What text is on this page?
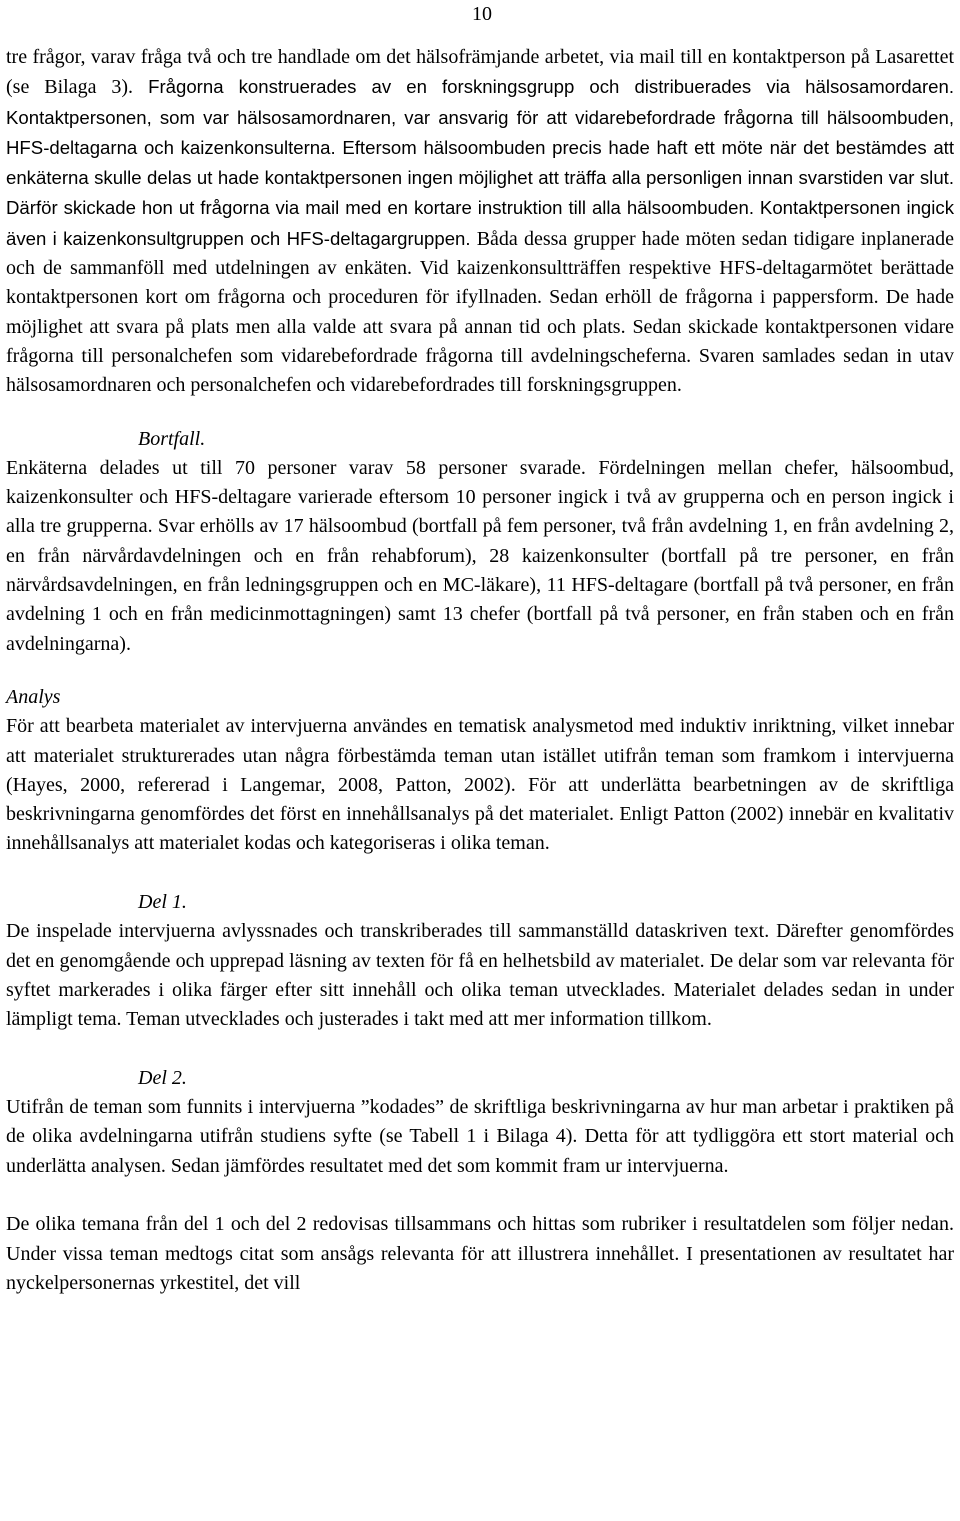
10

tre frågor, varav fråga två och tre handlade om det hälsofrämjande arbetet, via mail till en kontaktperson på Lasarettet (se Bilaga 3). Frågorna konstruerades av en forskningsgrupp och distribuerades via hälsosamordaren. Kontaktpersonen, som var hälsosamordnaren, var ansvarig för att vidarebefordrade frågorna till hälsoombuden, HFS-deltagarna och kaizenkonsulterna. Eftersom hälsoombuden precis hade haft ett möte när det bestämdes att enkäterna skulle delas ut hade kontaktpersonen ingen möjlighet att träffa alla personligen innan svarstiden var slut. Därför skickade hon ut frågorna via mail med en kortare instruktion till alla hälsoombuden. Kontaktpersonen ingick även i kaizenkonsultgruppen och HFS-deltagargruppen. Båda dessa grupper hade möten sedan tidigare inplanerade och de sammanföll med utdelningen av enkäten. Vid kaizenkonsultträffen respektive HFS-deltagarmötet berättade kontaktpersonen kort om frågorna och proceduren för ifyllnaden. Sedan erhöll de frågorna i pappersform. De hade möjlighet att svara på plats men alla valde att svara på annan tid och plats. Sedan skickade kontaktpersonen vidare frågorna till personalchefen som vidarebefordrade frågorna till avdelningscheferna. Svaren samlades sedan in utav hälsosamordnaren och personalchefen och vidarebefordrades till forskningsgruppen.

Bortfall.

Enkäterna delades ut till 70 personer varav 58 personer svarade. Fördelningen mellan chefer, hälsoombud, kaizenkonsulter och HFS-deltagare varierade eftersom 10 personer ingick i två av grupperna och en person ingick i alla tre grupperna. Svar erhölls av 17 hälsoombud (bortfall på fem personer, två från avdelning 1, en från avdelning 2, en från närvårdavdelningen och en från rehabforum), 28 kaizenkonsulter (bortfall på tre personer, en från närvårdsavdelningen, en från ledningsgruppen och en MC-läkare), 11 HFS-deltagare (bortfall på två personer, en från avdelning 1 och en från medicinmottagningen) samt 13 chefer (bortfall på två personer, en från staben och en från avdelningarna).

Analys

För att bearbeta materialet av intervjuerna användes en tematisk analysmetod med induktiv inriktning, vilket innebar att materialet strukturerades utan några förbestämda teman utan istället utifrån teman som framkom i intervjuerna (Hayes, 2000, refererad i Langemar, 2008, Patton, 2002). För att underlätta bearbetningen av de skriftliga beskrivningarna genomfördes det först en innehållsanalys på det materialet. Enligt Patton (2002) innebär en kvalitativ innehållsanalys att materialet kodas och kategoriseras i olika teman.

Del 1.

De inspelade intervjuerna avlyssnades och transkriberades till sammanställd dataskriven text. Därefter genomfördes det en genomgående och upprepad läsning av texten för få en helhetsbild av materialet. De delar som var relevanta för syftet markerades i olika färger efter sitt innehåll och olika teman utvecklades. Materialet delades sedan in under lämpligt tema. Teman utvecklades och justerades i takt med att mer information tillkom.

Del 2.

Utifrån de teman som funnits i intervjuerna ”kodades” de skriftliga beskrivningarna av hur man arbetar i praktiken på de olika avdelningarna utifrån studiens syfte (se Tabell 1 i Bilaga 4). Detta för att tydliggöra ett stort material och underlätta analysen. Sedan jämfördes resultatet med det som kommit fram ur intervjuerna.

De olika temana från del 1 och del 2 redovisas tillsammans och hittas som rubriker i resultatdelen som följer nedan. Under vissa teman medtogs citat som ansågs relevanta för att illustrera innehållet. I presentationen av resultatet har nyckelpersonernas yrkestitel, det vill
